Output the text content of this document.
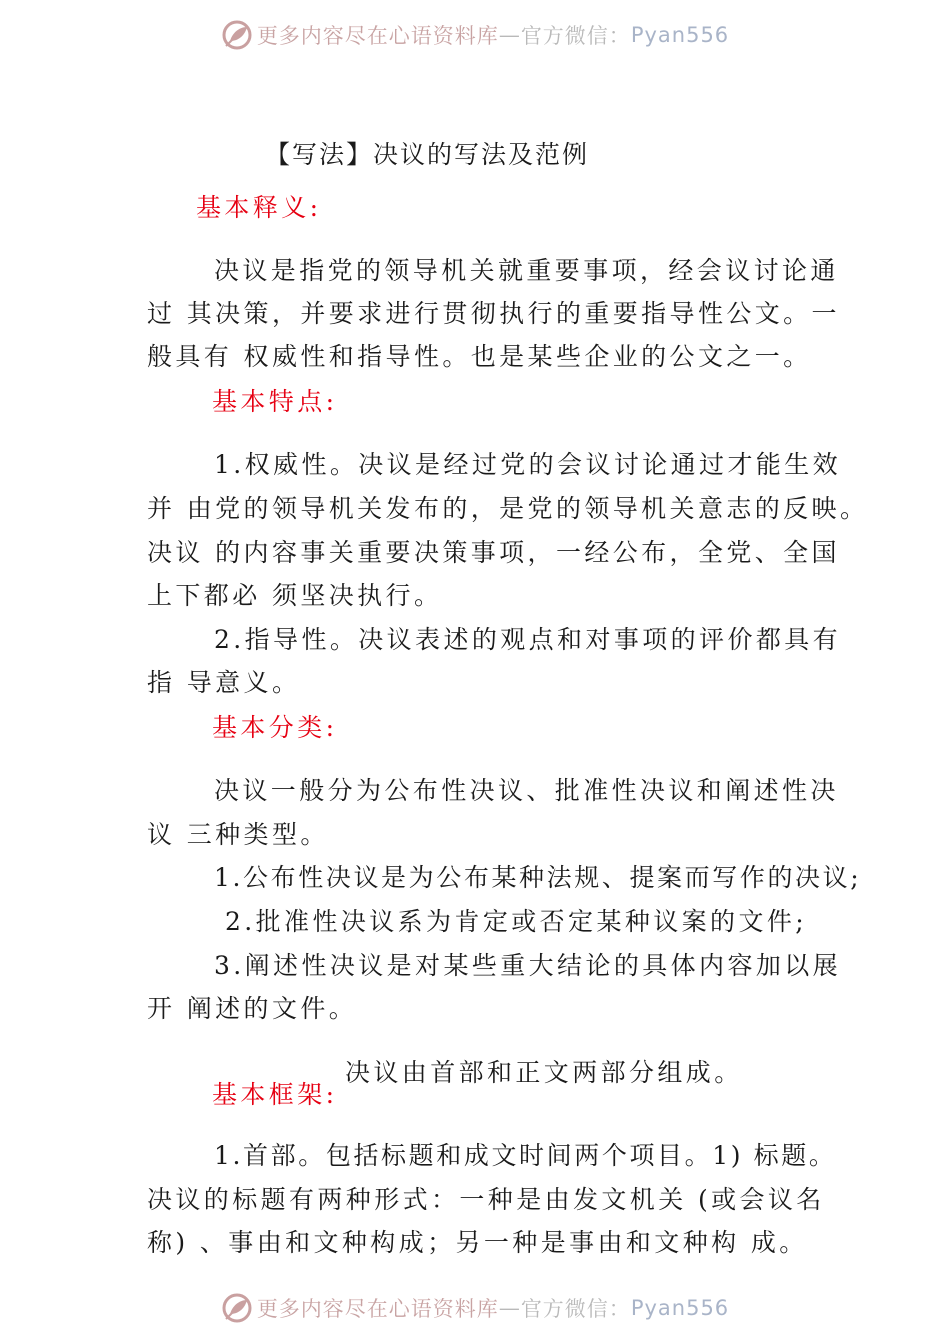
更多内容尽在心语资料库 — 官方微信： Pyan556
【写法】决议的写法及范例
基本释义:
决议是指党的领导机关就重要事项，经会议讨论通
过 其决策，并要求进行贯彻执行的重要指导性公文。一
般具有 权威性和指导性。也是某些企业的公文之一。
基本特点:
1.权威性。决议是经过党的会议讨论通过才能生效
并 由党的领导机关发布的，是党的领导机关意志的反映。
决议 的内容事关重要决策事项，一经公布，全党、全国
上下都必 须坚决执行。
2.指导性。决议表述的观点和对事项的评价都具有
指 导意义。
基本分类:
决议一般分为公布性决议、批准性决议和阐述性决
议 三种类型。
1.公布性决议是为公布某种法规、提案而写作的决议;
2.批准性决议系为肯定或否定某种议案的文件;
3.阐述性决议是对某些重大结论的具体内容加以展
开 阐述的文件。
决议由首部和正文两部分组成。
基本框架:
1.首部。包括标题和成文时间两个项目。1) 标题。
决议的标题有两种形式：一种是由发文机关 (或会议名
称) 、事由和文种构成；另一种是事由和文种构 成。
更多内容尽在心语资料库 — 官方微信： Pyan556
